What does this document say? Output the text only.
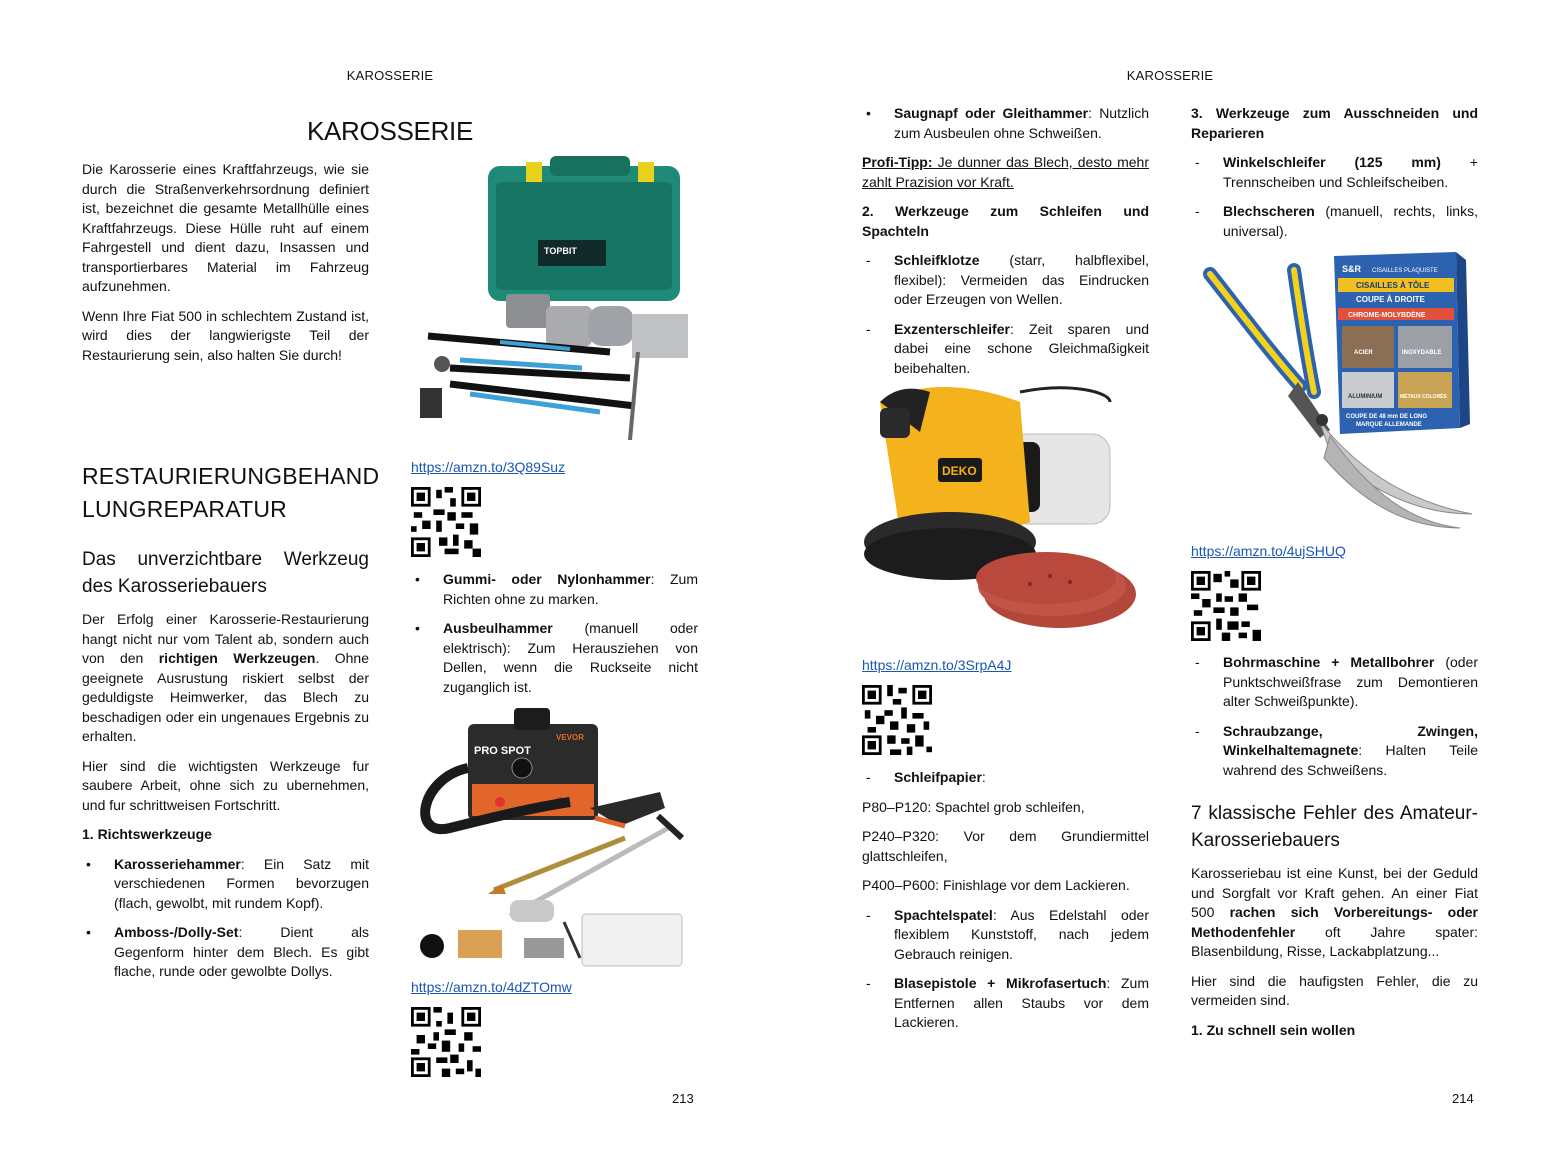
KAROSSERIE
KAROSSERIE

Die Karosserie eines Kraftfahrzeugs, wie sie durch die Straßenverkehrsordnung definiert ist, bezeichnet die gesamte Metallhülle eines Kraftfahrzeugs. Diese Hülle ruht auf einem Fahrgestell und dient dazu, Insassen und transportierbares Material im Fahrzeug aufzunehmen.

Wenn Ihre Fiat 500 in schlechtem Zustand ist, wird dies der langwierigste Teil der Restaurierung sein, also halten Sie durch!

TOPBIT
RESTAURIERUNGBEHAND
LUNGREPARATUR
Das unverzichtbare Werkzeug des Karosseriebauers

Der Erfolg einer Karosserie-Restaurierung hangt nicht nur vom Talent ab, sondern auch von den richtigen Werkzeugen. Ohne geeignete Ausrustung riskiert selbst der geduldigste Heimwerker, das Blech zu beschadigen oder ein ungenaues Ergebnis zu erhalten.

Hier sind die wichtigsten Werkzeuge fur saubere Arbeit, ohne sich zu ubernehmen, und fur schrittweisen Fortschritt.

1. Richtswerkzeuge

• Karosseriehammer: Ein Satz mit verschiedenen Formen bevorzugen (flach, gewolbt, mit rundem Kopf).
• Amboss-/Dolly-Set: Dient als Gegenform hinter dem Blech. Es gibt flache, runde oder gewolbte Dollys.
https://amzn.to/3Q89Suz
• Gummi- oder Nylonhammer: Zum Richten ohne zu marken.
• Ausbeulhammer (manuell oder elektrisch): Zum Herausziehen von Dellen, wenn die Ruckseite nicht zuganglich ist.
PRO SPOT
VEVOR
https://amzn.to/4dZTOmw
213
KAROSSERIE
• Saugnapf oder Gleithammer: Nutzlich zum Ausbeulen ohne Schweißen.

Profi-Tipp: Je dunner das Blech, desto mehr zahlt Prazision vor Kraft.

2. Werkzeuge zum Schleifen und Spachteln

- Schleifklotze (starr, halbflexibel, flexibel): Vermeiden das Eindrucken oder Erzeugen von Wellen.
- Exzenterschleifer: Zeit sparen und dabei eine schone Gleichmaßigkeit beibehalten.
DEKO
https://amzn.to/3SrpA4J
- Schleifpapier:

P80–P120: Spachtel grob schleifen,

P240–P320: Vor dem Grundiermittel glattschleifen,

P400–P600: Finishlage vor dem Lackieren.

- Spachtelspatel: Aus Edelstahl oder flexiblem Kunststoff, nach jedem Gebrauch reinigen.
- Blasepistole + Mikrofasertuch: Zum Entfernen allen Staubs vor dem Lackieren.

3. Werkzeuge zum Ausschneiden und Reparieren

- Winkelschleifer (125 mm) + Trennscheiben und Schleifscheiben.
- Blechscheren (manuell, rechts, links, universal).
S&R CISAILLES PLAQUISTE
CISAILLES À TÔLE
COUPE À DROITE
CHROME-MOLYBDÈNE
ACIER	INOXYDABLE
ALUMINIUM	MÉTAUX COLORÉS
COUPE DE 48 mm DE LONG
MARQUE ALLEMANDE
https://amzn.to/4ujSHUQ
- Bohrmaschine + Metallbohrer (oder Punktschweißfrase zum Demontieren alter Schweißpunkte).
- Schraubzange, Zwingen, Winkelhaltemagnete: Halten Teile wahrend des Schweißens.
7 klassische Fehler des Amateur-Karosseriebauers

Karosseriebau ist eine Kunst, bei der Geduld und Sorgfalt vor Kraft gehen. An einer Fiat 500 rachen sich Vorbereitungs- oder Methodenfehler oft Jahre spater: Blasenbildung, Risse, Lackabplatzung...

Hier sind die haufigsten Fehler, die zu vermeiden sind.

1. Zu schnell sein wollen

214
